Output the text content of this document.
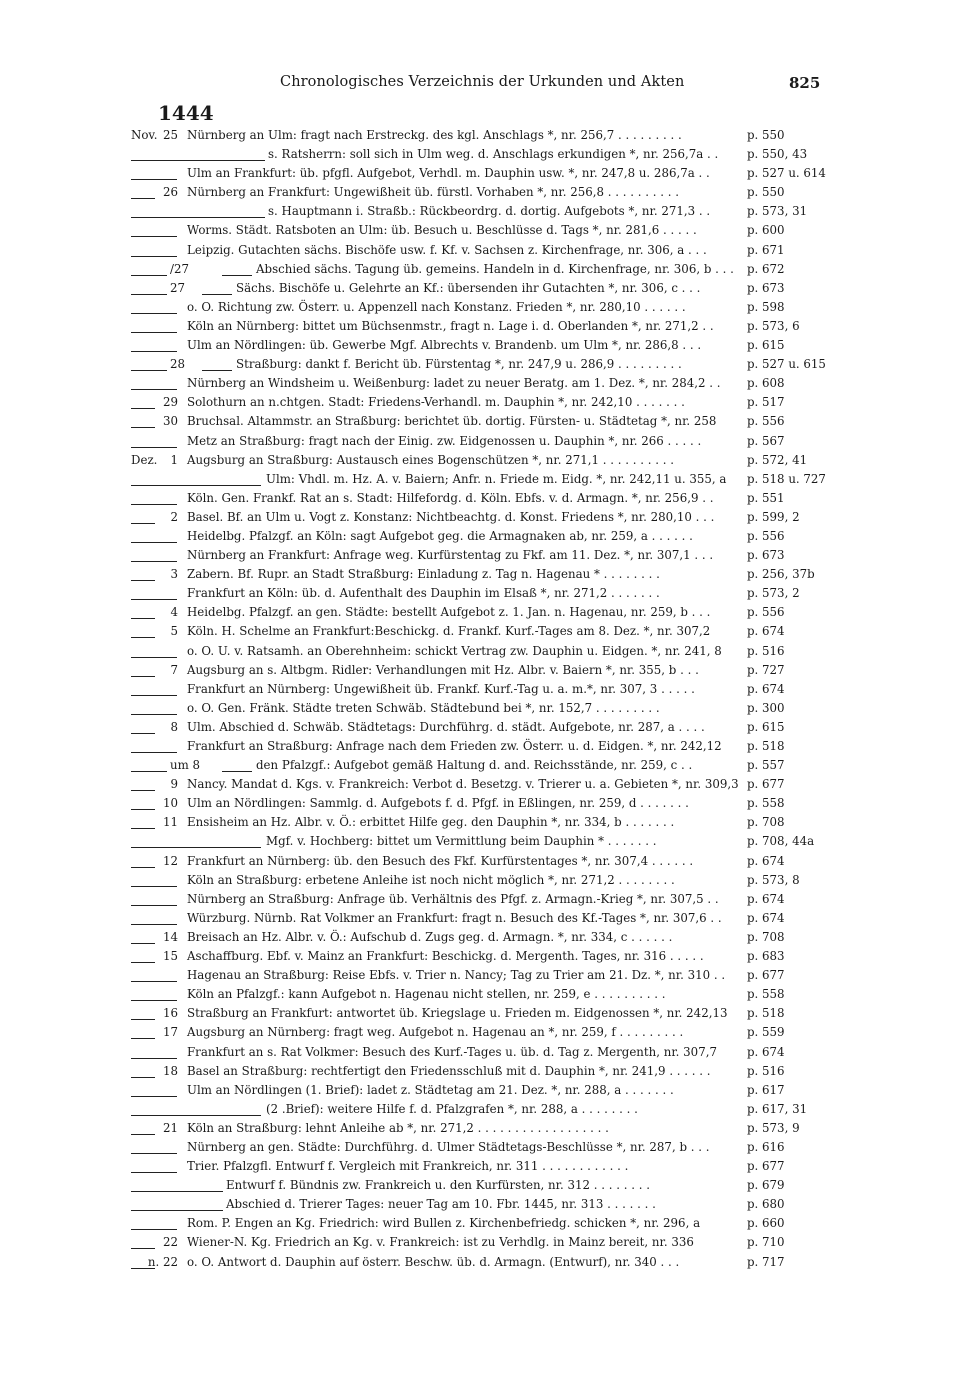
Chronologisches Verzeichnis der Urkunden und Akten	825
1444
Nov. 25 Nürnberg an Ulm: fragt nach Erstreckg. des kgl. Anschlags *, nr. 256,7 . . . . . . . . .	p. 550
s. Ratsherrn: soll sich in Ulm weg. d. Anschlags erkundigen *, nr. 256,7a . . p. 550, 43
Ulm an Frankfurt: üb. pfgfl. Aufgebot, Verhdl. m. Dauphin usw. *, nr. 247,8 u. 286,7a . .	p. 527 u. 614
26 Nürnberg an Frankfurt: Ungewißheit üb. fürstl. Vorhaben *, nr. 256,8 . . . . . . . . . .	p. 550
s. Hauptmann i. Straßb.: Rückbeordrg. d. dortig. Aufgebots *, nr. 271,3 . .	p. 573, 31
Worms. Städt. Ratsboten an Ulm: üb. Besuch u. Beschlüsse d. Tags *, nr. 281,6 . . . . .	p. 600
Leipzig. Gutachten sächs. Bischöfe usw. f. Kf. v. Sachsen z. Kirchenfrage, nr. 306, a . . .	p. 671
/27	Abschied sächs. Tagung üb. gemeins. Handeln in d. Kirchenfrage, nr. 306, b . . . p. 672
27	Sächs. Bischöfe u. Gelehrte an Kf.: übersenden ihr Gutachten *, nr. 306, c . . .	p. 673
o. O. Richtung zw. Österr. u. Appenzell nach Konstanz. Frieden *, nr. 280,10 . . . . . .	p. 598
Köln an Nürnberg: bittet um Büchsenmstr., fragt n. Lage i. d. Oberlanden *, nr. 271,2 . .	p. 573, 6
Ulm an Nördlingen: üb. Gewerbe Mgf. Albrechts v. Brandenb. um Ulm *, nr. 286,8 . . .	p. 615
28	Straßburg: dankt f. Bericht üb. Fürstentag *, nr. 247,9 u. 286,9 . . . . . . . . .	p. 527 u. 615
Nürnberg an Windsheim u. Weißenburg: ladet zu neuer Beratg. am 1. Dez. *, nr. 284,2 . . p. 608
29 Solothurn an n.chtgen. Stadt: Friedens-Verhandl. m. Dauphin *, nr. 242,10 . . . . . . .	p. 517
30 Bruchsal. Altammstr. an Straßburg: berichtet üb. dortig. Fürsten- u. Städtetag *, nr. 258	p. 556
Metz an Straßburg: fragt nach der Einig. zw. Eidgenossen u. Dauphin *, nr. 266 . . . . .	p. 567
Dez.	1 Augsburg an Straßburg: Austausch eines Bogenschützen *, nr. 271,1 . . . . . . . . . .	p. 572, 41
Ulm: Vhdl. m. Hz. A. v. Baiern; Anfr. n. Friede m. Eidg. *, nr. 242,11 u. 355, a p. 518 u. 727
Köln. Gen. Frankf. Rat an s. Stadt: Hilfefordg. d. Köln. Ebfs. v. d. Armagn. *, nr. 256,9 . .	p. 551
2 Basel. Bf. an Ulm u. Vogt z. Konstanz: Nichtbeachtg. d. Konst. Friedens *, nr. 280,10 . . .	p. 599, 2
Heidelbg. Pfalzgf. an Köln: sagt Aufgebot geg. die Armagnaken ab, nr. 259, a . . . . . .	p. 556
Nürnberg an Frankfurt: Anfrage weg. Kurfürstentag zu Fkf. am 11. Dez. *, nr. 307,1 . . .	p. 673
3 Zabern. Bf. Rupr. an Stadt Straßburg: Einladung z. Tag n. Hagenau * . . . . . . . .	p. 256, 37b
Frankfurt an Köln: üb. d. Aufenthalt des Dauphin im Elsaß *, nr. 271,2 . . . . . . .	p. 573, 2
4 Heidelbg. Pfalzgf. an gen. Städte: bestellt Aufgebot z. 1. Jan. n. Hagenau, nr. 259, b . . .	p. 556
5 Köln. H. Schelme an Frankfurt:Beschickg. d. Frankf. Kurf.-Tages am 8. Dez. *, nr. 307,2	p. 674
o. O. U. v. Ratsamh. an Oberehnheim: schickt Vertrag zw. Dauphin u. Eidgen. *, nr. 241, 8 p. 516
7 Augsburg an s. Altbgm. Ridler: Verhandlungen mit Hz. Albr. v. Baiern *, nr. 355, b . . .	p. 727
Frankfurt an Nürnberg: Ungewißheit üb. Frankf. Kurf.-Tag u. a. m.*, nr. 307, 3 . . . . .	p. 674
o. O. Gen. Fränk. Städte treten Schwäb. Städtebund bei *, nr. 152,7 . . . . . . . . .	p. 300
8 Ulm. Abschied d. Schwäb. Städtetags: Durchführg. d. städt. Aufgebote, nr. 287, a . . . .	p. 615
Frankfurt an Straßburg: Anfrage nach dem Frieden zw. Österr. u. d. Eidgen. *, nr. 242,12 p. 518
um 8	den Pfalzgf.: Aufgebot gemäß Haltung d. and. Reichsstände, nr. 259, c . .	p. 557
9 Nancy. Mandat d. Kgs. v. Frankreich: Verbot d. Besetzg. v. Trierer u. a. Gebieten *, nr. 309,3 p. 677
10 Ulm an Nördlingen: Sammlg. d. Aufgebots f. d. Pfgf. in Eßlingen, nr. 259, d . . . . . . .	p. 558
11 Ensisheim an Hz. Albr. v. Ö.: erbittet Hilfe geg. den Dauphin *, nr. 334, b . . . . . . .	p. 708
Mgf. v. Hochberg: bittet um Vermittlung beim Dauphin * . . . . . . .	p. 708, 44a
12 Frankfurt an Nürnberg: üb. den Besuch des Fkf. Kurfürstentages *, nr. 307,4 . . . . . .	p. 674
Köln an Straßburg: erbetene Anleihe ist noch nicht möglich *, nr. 271,2 . . . . . . . .	p. 573, 8
Nürnberg an Straßburg: Anfrage üb. Verhältnis des Pfgf. z. Armagn.-Krieg *, nr. 307,5 . . p. 674
Würzburg. Nürnb. Rat Volkmer an Frankfurt: fragt n. Besuch des Kf.-Tages *, nr. 307,6 . . p. 674
14 Breisach an Hz. Albr. v. Ö.: Aufschub d. Zugs geg. d. Armagn. *, nr. 334, c . . . . . .	p. 708
15 Aschaffburg. Ebf. v. Mainz an Frankfurt: Beschickg. d. Mergenth. Tages, nr. 316 . . . . .	p. 683
Hagenau an Straßburg: Reise Ebfs. v. Trier n. Nancy; Tag zu Trier am 21. Dz. *, nr. 310 . . p. 677
Köln an Pfalzgf.: kann Aufgebot n. Hagenau nicht stellen, nr. 259, e . . . . . . . . . .	p. 558
16 Straßburg an Frankfurt: antwortet üb. Kriegslage u. Frieden m. Eidgenossen *, nr. 242,13 p. 518
17 Augsburg an Nürnberg: fragt weg. Aufgebot n. Hagenau an *, nr. 259, f . . . . . . . . .	p. 559
Frankfurt an s. Rat Volkmer: Besuch des Kurf.-Tages u. üb. d. Tag z. Mergenth, nr. 307,7	p. 674
18 Basel an Straßburg: rechtfertigt den Friedensschluß mit d. Dauphin *, nr. 241,9 . . . . . .	p. 516
Ulm an Nördlingen (1. Brief): ladet z. Städtetag am 21. Dez. *, nr. 288, a . . . . . . .	p. 617
(2 .Brief): weitere Hilfe f. d. Pfalzgrafen *, nr. 288, a . . . . . . . .	p. 617, 31
21 Köln an Straßburg: lehnt Anleihe ab *, nr. 271,2 . . . . . . . . . . . . . . . . . .	p. 573, 9
Nürnberg an gen. Städte: Durchführg. d. Ulmer Städtetags-Beschlüsse *, nr. 287, b . . .	p. 616
Trier. Pfalzgfl. Entwurf f. Vergleich mit Frankreich, nr. 311 . . . . . . . . . . . .	p. 677
Entwurf f. Bündnis zw. Frankreich u. den Kurfürsten, nr. 312 . . . . . . . .	p. 679
Abschied d. Trierer Tages: neuer Tag am 10. Fbr. 1445, nr. 313 . . . . . . .	p. 680
Rom. P. Engen an Kg. Friedrich: wird Bullen z. Kirchenbefriedg. schicken *, nr. 296, a	p. 660
22 Wiener-N. Kg. Friedrich an Kg. v. Frankreich: ist zu Verhdlg. in Mainz bereit, nr. 336	p. 710
n. 22 o. O. Antwort d. Dauphin auf österr. Beschw. üb. d. Armagn. (Entwurf), nr. 340 . . .	p. 717
